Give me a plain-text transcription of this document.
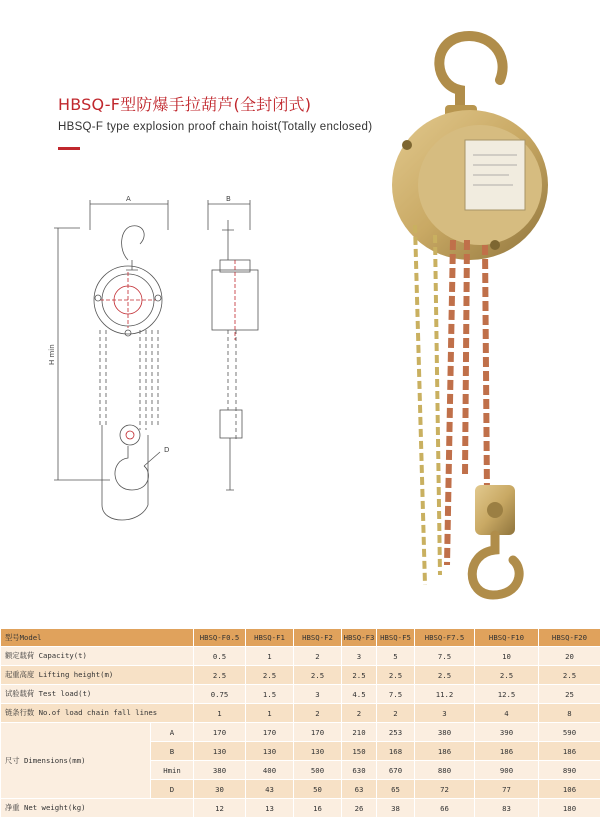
HBSQ-F型防爆手拉葫芦(全封闭式)
HBSQ-F type explosion proof chain hoist(Totally enclosed)
A	B
H min
D
型号Model		HBSQ-F0.5	HBSQ-F1	HBSQ-F2	HBSQ-F3	HBSQ-F5	HBSQ-F7.5	HBSQ-F10	HBSQ-F20
额定载荷 Capacity(t)		0.5	1	2	3	5	7.5	10	20
起重高度 Lifting height(m)		2.5	2.5	2.5	2.5	2.5	2.5	2.5	2.5
试验载荷 Test load(t)		0.75	1.5	3	4.5	7.5	11.2	12.5	25
链条行数 No.of load chain fall lines		1	1	2	2	2	3	4	8
尺寸 Dimensions(mm)	A	170	170	170	210	253	380	390	590
	B	130	130	130	150	168	186	186	186
	Hmin	380	400	500	630	670	880	900	890
	D	30	43	50	63	65	72	77	106
净重 Net weight(kg)		12	13	16	26	38	66	83	180
